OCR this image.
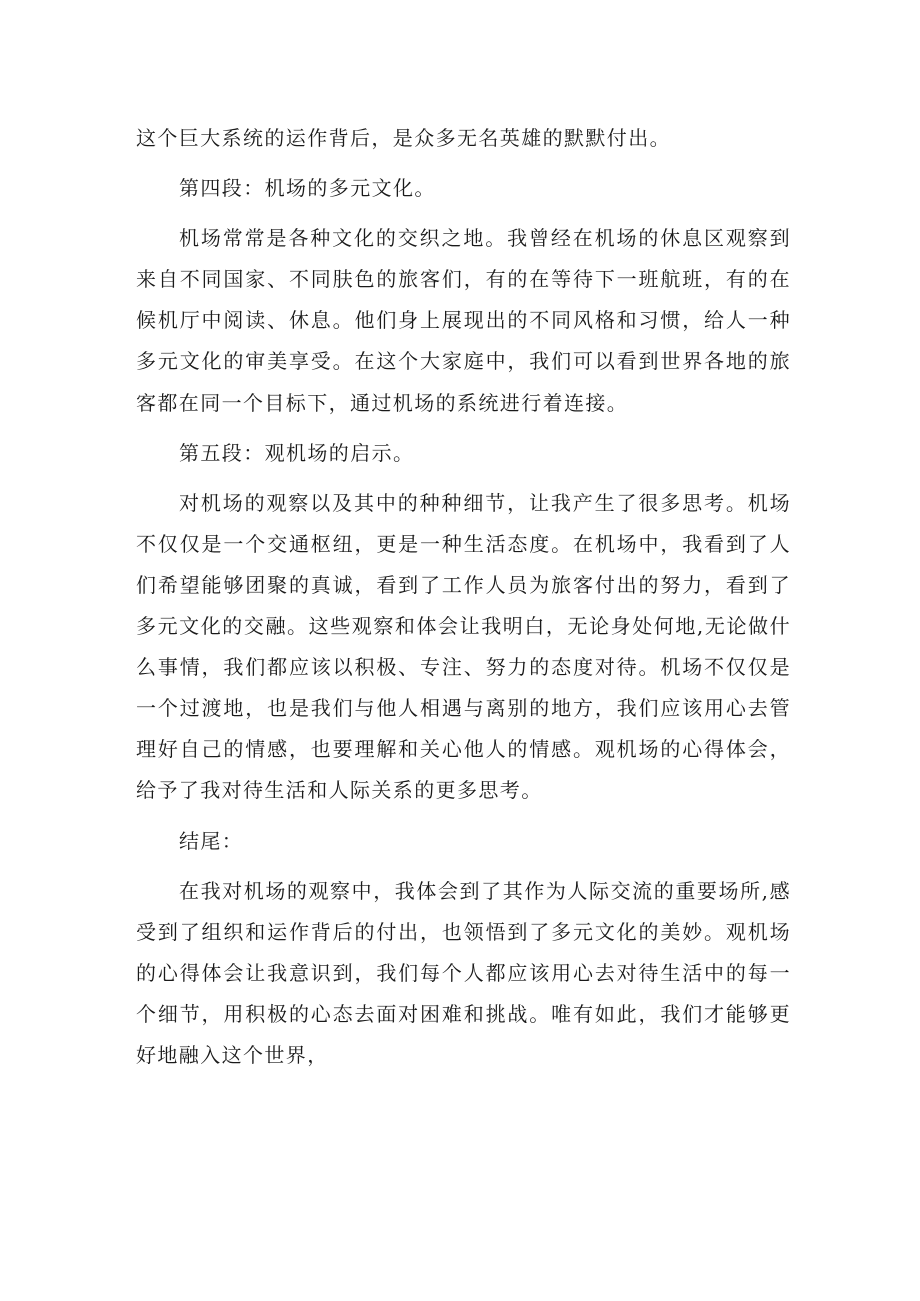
这个巨大系统的运作背后，是众多无名英雄的默默付出。

第四段：机场的多元文化。

机场常常是各种文化的交织之地。我曾经在机场的休息区观察到来自不同国家、不同肤色的旅客们，有的在等待下一班航班，有的在候机厅中阅读、休息。他们身上展现出的不同风格和习惯，给人一种多元文化的审美享受。在这个大家庭中，我们可以看到世界各地的旅客都在同一个目标下，通过机场的系统进行着连接。

第五段：观机场的启示。

对机场的观察以及其中的种种细节，让我产生了很多思考。机场不仅仅是一个交通枢纽，更是一种生活态度。在机场中，我看到了人们希望能够团聚的真诚，看到了工作人员为旅客付出的努力，看到了多元文化的交融。这些观察和体会让我明白，无论身处何地,无论做什么事情，我们都应该以积极、专注、努力的态度对待。机场不仅仅是一个过渡地，也是我们与他人相遇与离别的地方，我们应该用心去管理好自己的情感，也要理解和关心他人的情感。观机场的心得体会，给予了我对待生活和人际关系的更多思考。

结尾：

在我对机场的观察中，我体会到了其作为人际交流的重要场所,感受到了组织和运作背后的付出，也领悟到了多元文化的美妙。观机场的心得体会让我意识到，我们每个人都应该用心去对待生活中的每一个细节，用积极的心态去面对困难和挑战。唯有如此，我们才能够更好地融入这个世界，
